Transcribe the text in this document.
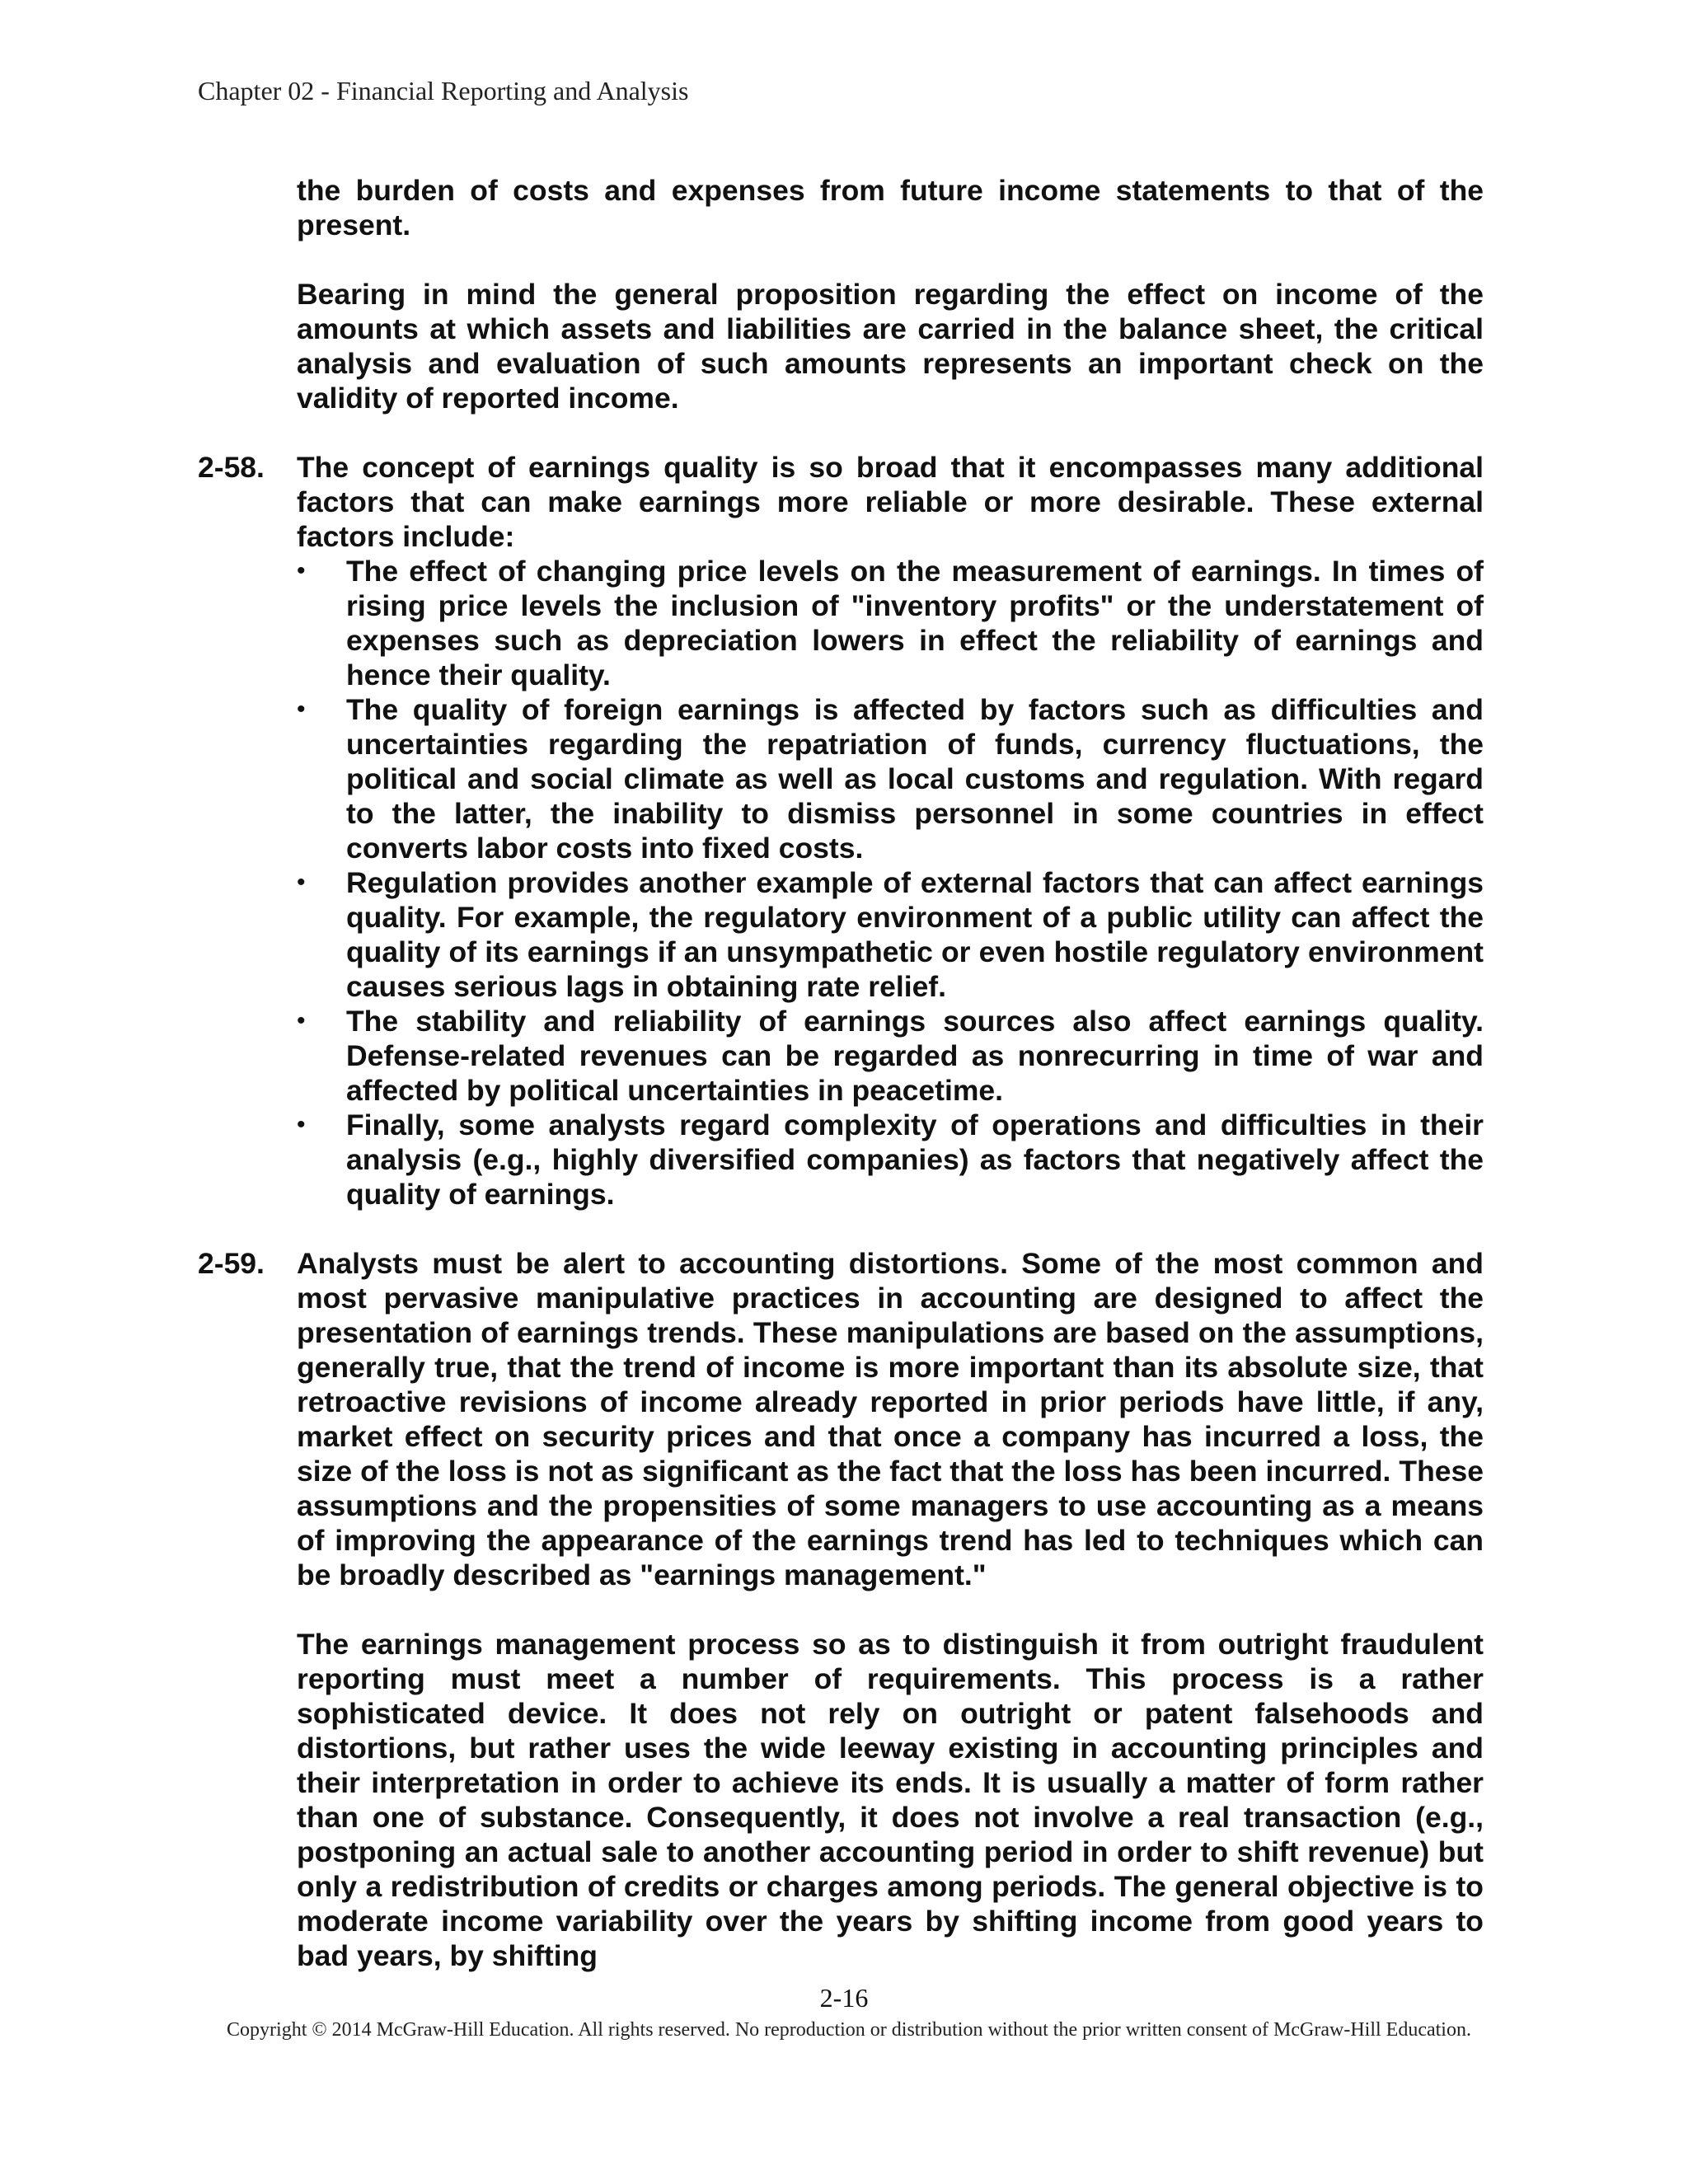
Chapter 02 - Financial Reporting and Analysis
the burden of costs and expenses from future income statements to that of the present.
Bearing in mind the general proposition regarding the effect on income of the amounts at which assets and liabilities are carried in the balance sheet, the critical analysis and evaluation of such amounts represents an important check on the validity of reported income.
2-58.	The concept of earnings quality is so broad that it encompasses many additional factors that can make earnings more reliable or more desirable. These external factors include:

•	The effect of changing price levels on the measurement of earnings. In times of rising price levels the inclusion of "inventory profits" or the understatement of expenses such as depreciation lowers in effect the reliability of earnings and hence their quality.
•	The quality of foreign earnings is affected by factors such as difficulties and uncertainties regarding the repatriation of funds, currency fluctuations, the political and social climate as well as local customs and regulation. With regard to the latter, the inability to dismiss personnel in some countries in effect converts labor costs into fixed costs.
•	Regulation provides another example of external factors that can affect earnings quality. For example, the regulatory environment of a public utility can affect the quality of its earnings if an unsympathetic or even hostile regulatory environment causes serious lags in obtaining rate relief.
•	The stability and reliability of earnings sources also affect earnings quality. Defense-related revenues can be regarded as nonrecurring in time of war and affected by political uncertainties in peacetime.
•	Finally, some analysts regard complexity of operations and difficulties in their analysis (e.g., highly diversified companies) as factors that negatively affect the quality of earnings.
2-59.	Analysts must be alert to accounting distortions. Some of the most common and most pervasive manipulative practices in accounting are designed to affect the presentation of earnings trends. These manipulations are based on the assumptions, generally true, that the trend of income is more important than its absolute size, that retroactive revisions of income already reported in prior periods have little, if any, market effect on security prices and that once a company has incurred a loss, the size of the loss is not as significant as the fact that the loss has been incurred. These assumptions and the propensities of some managers to use accounting as a means of improving the appearance of the earnings trend has led to techniques which can be broadly described as "earnings management."

The earnings management process so as to distinguish it from outright fraudulent reporting must meet a number of requirements. This process is a rather sophisticated device. It does not rely on outright or patent falsehoods and distortions, but rather uses the wide leeway existing in accounting principles and their interpretation in order to achieve its ends. It is usually a matter of form rather than one of substance. Consequently, it does not involve a real transaction (e.g., postponing an actual sale to another accounting period in order to shift revenue) but only a redistribution of credits or charges among periods. The general objective is to moderate income variability over the years by shifting income from good years to bad years, by shifting

2-16
Copyright © 2014 McGraw-Hill Education. All rights reserved. No reproduction or distribution without the prior written consent of McGraw-Hill Education.
